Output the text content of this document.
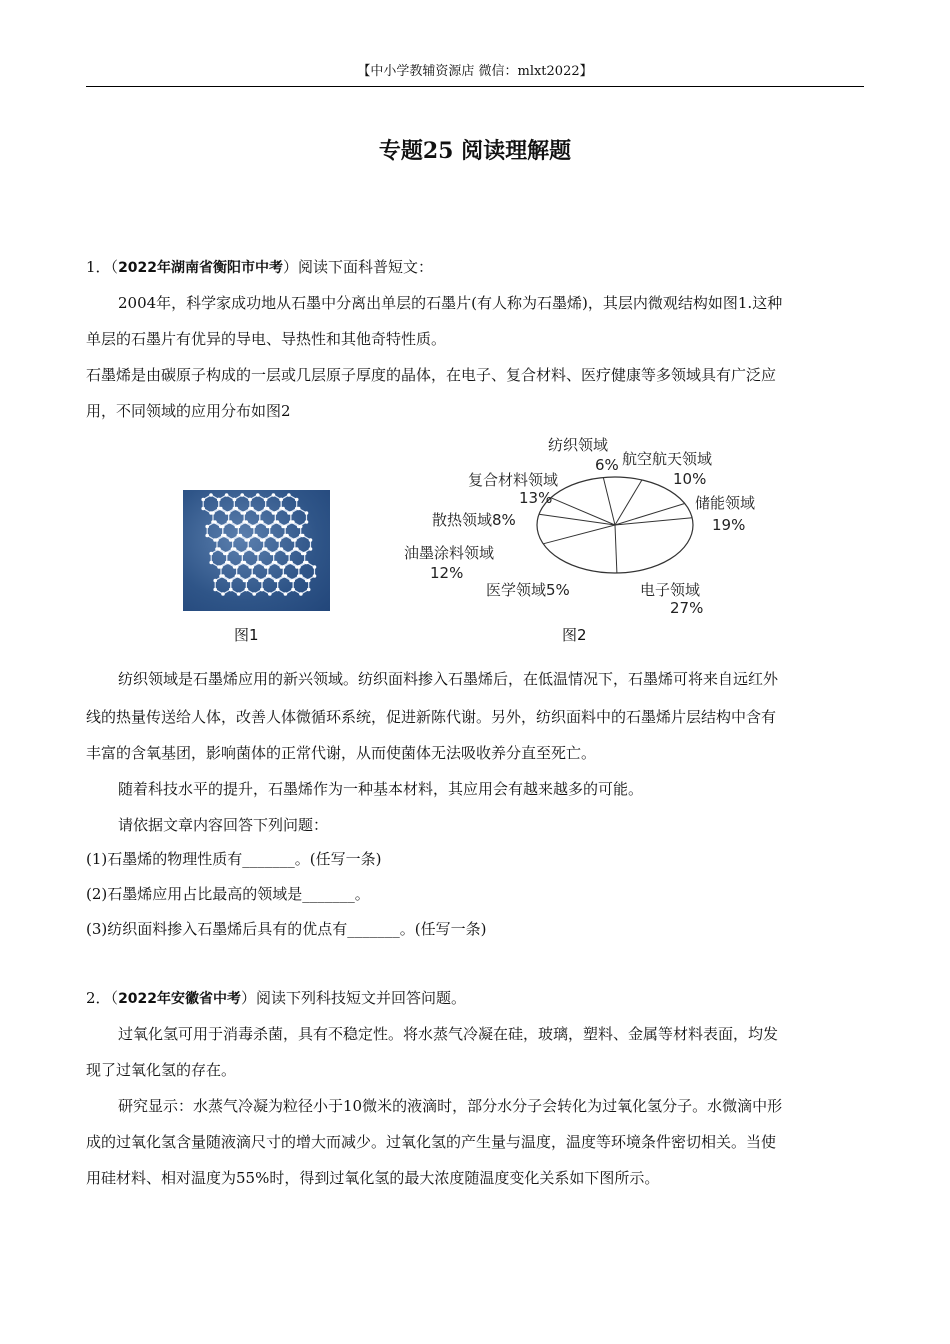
【中小学教辅资源店 微信：mlxt2022】
专题25 阅读理解题
1．（2022年湖南省衡阳市中考）阅读下面科普短文：
2004年，科学家成功地从石墨中分离出单层的石墨片(有人称为石墨烯)，其层内微观结构如图1.这种
单层的石墨片有优异的导电、导热性和其他奇特性质。
石墨烯是由碳原子构成的一层或几层原子厚度的晶体，在电子、复合材料、医疗健康等多领域具有广泛应
用，不同领域的应用分布如图2
图1
电子领域
27%
储能领域
19%
航空航天领域
10%
纺织领域
6%
复合材料领域
13%
散热领域8%
油墨涂料领域
12%
医学领域5%
图2
纺织领域是石墨烯应用的新兴领域。纺织面料掺入石墨烯后，在低温情况下，石墨烯可将来自远红外
线的热量传送给人体，改善人体微循环系统，促进新陈代谢。另外，纺织面料中的石墨烯片层结构中含有
丰富的含氧基团，影响菌体的正常代谢，从而使菌体无法吸收养分直至死亡。
随着科技水平的提升，石墨烯作为一种基本材料，其应用会有越来越多的可能。
请依据文章内容回答下列问题：
(1)石墨烯的物理性质有_______。(任写一条)
(2)石墨烯应用占比最高的领域是_______。
(3)纺织面料掺入石墨烯后具有的优点有_______。(任写一条)
2．（2022年安徽省中考）阅读下列科技短文并回答问题。
过氧化氢可用于消毒杀菌，具有不稳定性。将水蒸气冷凝在硅，玻璃，塑料、金属等材料表面，均发
现了过氧化氢的存在。
研究显示：水蒸气冷凝为粒径小于10微米的液滴时，部分水分子会转化为过氧化氢分子。水微滴中形
成的过氧化氢含量随液滴尺寸的增大而减少。过氧化氢的产生量与温度，温度等环境条件密切相关。当使
用硅材料、相对温度为55%时，得到过氧化氢的最大浓度随温度变化关系如下图所示。
